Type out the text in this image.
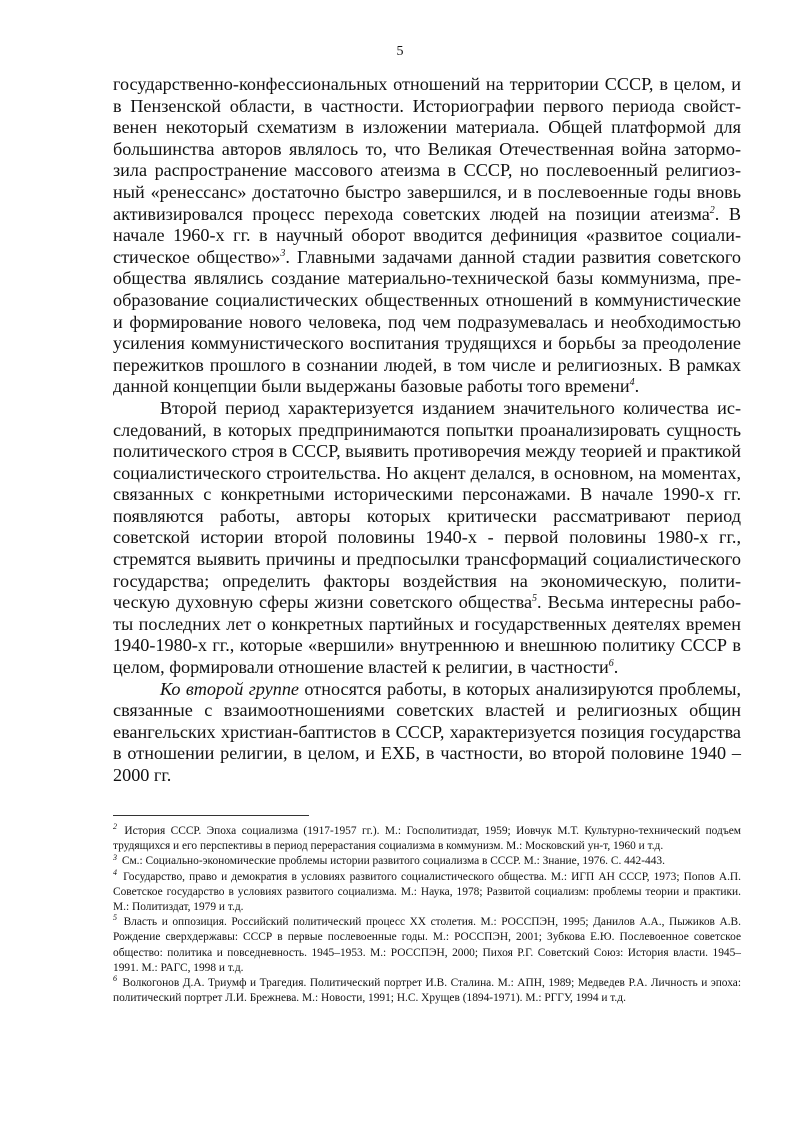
5

государственно-конфессиональных отношений на территории СССР, в целом, и в Пензенской области, в частности. Историографии первого периода свойственен некоторый схематизм в изложении материала. Общей платформой для большинства авторов являлось то, что Великая Отечественная война затормозила распространение массового атеизма в СССР, но послевоенный религиозный «ренессанс» достаточно быстро завершился, и в послевоенные годы вновь активизировался процесс перехода советских людей на позиции атеизма$^2$. В начале 1960-х гг. в научный оборот вводится дефиниция «развитое социалистическое общество»$^3$. Главными задачами данной стадии развития советского общества являлись создание материально-технической базы коммунизма, преобразование социалистических общественных отношений в коммунистические и формирование нового человека, под чем подразумевалась и необходимостью усиления коммунистического воспитания трудящихся и борьбы за преодоление пережитков прошлого в сознании людей, в том числе и религиозных. В рамках данной концепции были выдержаны базовые работы того времени$^4$.

Второй период характеризуется изданием значительного количества исследований, в которых предпринимаются попытки проанализировать сущность политического строя в СССР, выявить противоречия между теорией и практикой социалистического строительства. Но акцент делался, в основном, на моментах, связанных с конкретными историческими персонажами. В начале 1990-х гг. появляются работы, авторы которых критически рассматривают период советской истории второй половины 1940-х - первой половины 1980-х гг., стремятся выявить причины и предпосылки трансформаций социалистического государства; определить факторы воздействия на экономическую, политическую духовную сферы жизни советского общества$^5$. Весьма интересны работы последних лет о конкретных партийных и государственных деятелях времен 1940-1980-х гг., которые «вершили» внутреннюю и внешнюю политику СССР в целом, формировали отношение властей к религии, в частности$^6$.

Ко второй группе относятся работы, в которых анализируются проблемы, связанные с взаимоотношениями советских властей и религиозных общин евангельских христиан-баптистов в СССР, характеризуется позиция государства в отношении религии, в целом, и ЕХБ, в частности, во второй половине 1940 – 2000 гг.

$^2$ История СССР. Эпоха социализма (1917-1957 гг.). М.: Госполитиздат, 1959; Иовчук М.Т. Культурно-технический подъем трудящихся и его перспективы в период перерастания социализма в коммунизм. М.: Московский ун-т, 1960 и т.д.

$^3$ См.: Социально-экономические проблемы истории развитого социализма в СССР. М.: Знание, 1976. С. 442-443.

$^4$ Государство, право и демократия в условиях развитого социалистического общества. М.: ИГП АН СССР, 1973; Попов А.П. Советское государство в условиях развитого социализма. М.: Наука, 1978; Развитой социализм: проблемы теории и практики. М.: Политиздат, 1979 и т.д.

$^5$ Власть и оппозиция. Российский политический процесс XX столетия. М.: РОССПЭН, 1995; Данилов А.А., Пыжиков А.В. Рождение сверхдержавы: СССР в первые послевоенные годы. М.: РОССПЭН, 2001; Зубкова Е.Ю. Послевоенное советское общество: политика и повседневность. 1945–1953. М.: РОССПЭН, 2000; Пихоя Р.Г. Советский Союз: История власти. 1945–1991. М.: РАГС, 1998 и т.д.

$^6$ Волкогонов Д.А. Триумф и Трагедия. Политический портрет И.В. Сталина. М.: АПН, 1989; Медведев Р.А. Личность и эпоха: политический портрет Л.И. Брежнева. М.: Новости, 1991; Н.С. Хрущев (1894-1971). М.: РГГУ, 1994 и т.д.
